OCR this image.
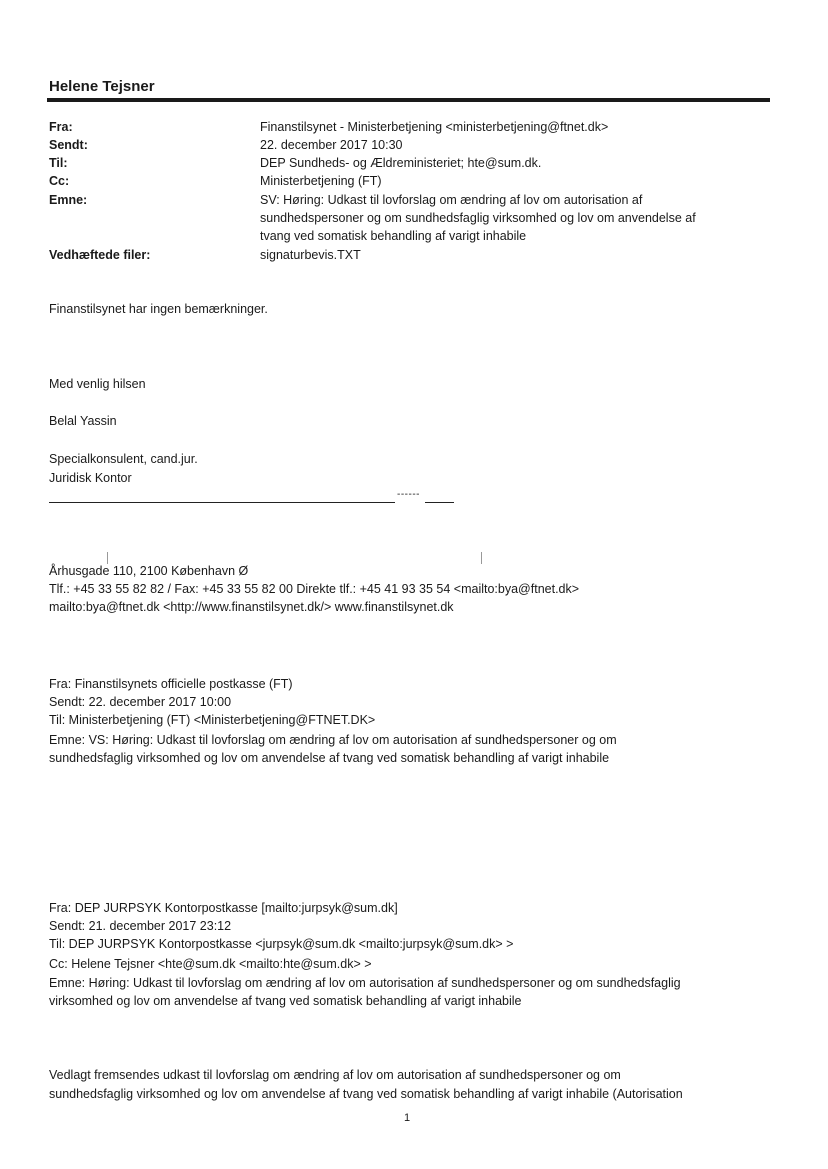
Helene Tejsner
Fra:	Finanstilsynet - Ministerbetjening <ministerbetjening@ftnet.dk>
Sendt:	22. december 2017 10:30
Til:	DEP Sundheds- og Ældreministeriet; hte@sum.dk.
Cc:	Ministerbetjening (FT)
Emne:	SV: Høring: Udkast til lovforslag om ændring af lov om autorisation af
sundhedspersoner og om sundhedsfaglig virksomhed og lov om anvendelse af
tvang ved somatisk behandling af varigt inhabile
Vedhæftede filer:	signaturbevis.TXT
Finanstilsynet har ingen bemærkninger.
Med venlig hilsen
Belal Yassin
Specialkonsulent, cand.jur.
Juridisk Kontor
------
Århusgade 110, 2100 København Ø
Tlf.: +45 33 55 82 82 / Fax: +45 33 55 82 00 Direkte tlf.: +45 41 93 35 54 <mailto:bya@ftnet.dk>
mailto:bya@ftnet.dk <http://www.finanstilsynet.dk/> www.finanstilsynet.dk
Fra: Finanstilsynets officielle postkasse (FT)
Sendt: 22. december 2017 10:00
Til: Ministerbetjening (FT) <Ministerbetjening@FTNET.DK>
Emne: VS: Høring: Udkast til lovforslag om ændring af lov om autorisation af sundhedspersoner og om
sundhedsfaglig virksomhed og lov om anvendelse af tvang ved somatisk behandling af varigt inhabile
Fra: DEP JURPSYK Kontorpostkasse [mailto:jurpsyk@sum.dk]
Sendt: 21. december 2017 23:12
Til: DEP JURPSYK Kontorpostkasse <jurpsyk@sum.dk <mailto:jurpsyk@sum.dk> >
Cc: Helene Tejsner <hte@sum.dk <mailto:hte@sum.dk> >
Emne: Høring: Udkast til lovforslag om ændring af lov om autorisation af sundhedspersoner og om sundhedsfaglig
virksomhed og lov om anvendelse af tvang ved somatisk behandling af varigt inhabile
Vedlagt fremsendes udkast til lovforslag om ændring af lov om autorisation af sundhedspersoner og om
sundhedsfaglig virksomhed og lov om anvendelse af tvang ved somatisk behandling af varigt inhabile (Autorisation
1
